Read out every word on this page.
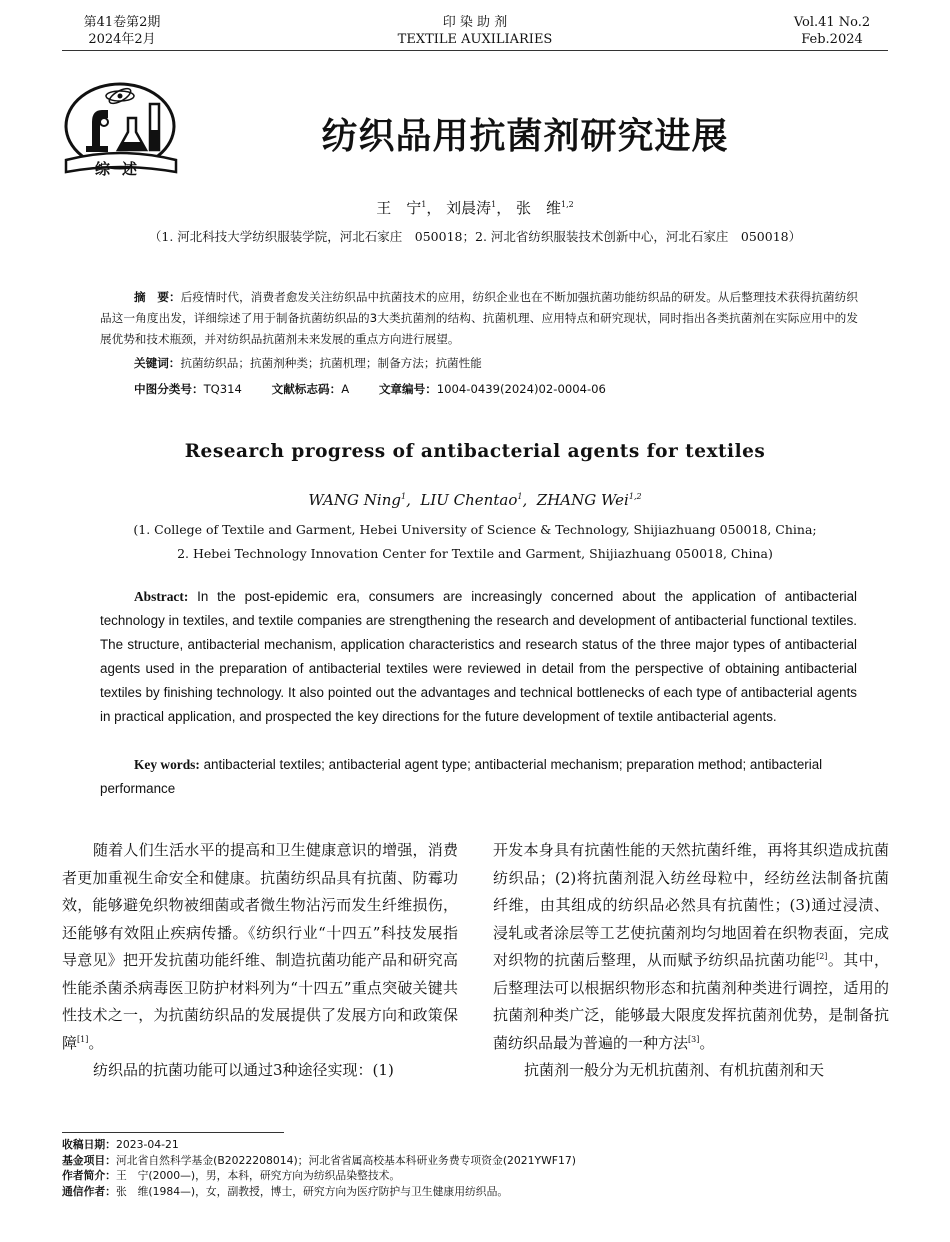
第41卷第2期
2024年2月
印 染 助 剂
TEXTILE AUXILIARIES
Vol.41 No.2
Feb.2024
综述
纺织品用抗菌剂研究进展
王　宁$^1$， 刘晨涛$^1$， 张　维$^{1,2}$
（1. 河北科技大学纺织服装学院，河北石家庄　050018；2. 河北省纺织服装技术创新中心，河北石家庄　050018）
摘　要：后疫情时代，消费者愈发关注纺织品中抗菌技术的应用，纺织企业也在不断加强抗菌功能纺织品的研发。从后整理技术获得抗菌纺织品这一角度出发，详细综述了用于制备抗菌纺织品的3大类抗菌剂的结构、抗菌机理、应用特点和研究现状，同时指出各类抗菌剂在实际应用中的发展优势和技术瓶颈，并对纺织品抗菌剂未来发展的重点方向进行展望。
关键词：抗菌纺织品；抗菌剂种类；抗菌机理；制备方法；抗菌性能
中图分类号：TQ314	文献标志码：A	文章编号：1004-0439(2024)02-0004-06
Research progress of antibacterial agents for textiles
WANG Ning$^1$,  LIU Chentao$^1$,  ZHANG Wei$^{1,2}$
(1. College of Textile and Garment, Hebei University of Science & Technology, Shijiazhuang 050018, China;
2. Hebei Technology Innovation Center for Textile and Garment, Shijiazhuang 050018, China)
Abstract: In the post-epidemic era, consumers are increasingly concerned about the application of antibacterial technology in textiles, and textile companies are strengthening the research and development of antibacterial functional textiles. The structure, antibacterial mechanism, application characteristics and research status of the three major types of antibacterial agents used in the preparation of antibacterial textiles were reviewed in detail from the perspective of obtaining antibacterial textiles by finishing technology. It also pointed out the advantages and technical bottlenecks of each type of antibacterial agents in practical application, and prospected the key directions for the future development of textile antibacterial agents.
Key words: antibacterial textiles; antibacterial agent type; antibacterial mechanism; preparation method; antibacterial performance

随着人们生活水平的提高和卫生健康意识的增强，消费者更加重视生命安全和健康。抗菌纺织品具有抗菌、防霉功效，能够避免织物被细菌或者微生物沾污而发生纤维损伤，还能够有效阻止疾病传播。《纺织行业“十四五”科技发展指导意见》把开发抗菌功能纤维、制造抗菌功能产品和研究高性能杀菌杀病毒医卫防护材料列为“十四五”重点突破关键共性技术之一，为抗菌纺织品的发展提供了发展方向和政策保障[1]。

纺织品的抗菌功能可以通过3种途径实现：(1)

开发本身具有抗菌性能的天然抗菌纤维，再将其织造成抗菌纺织品；(2)将抗菌剂混入纺丝母粒中，经纺丝法制备抗菌纤维，由其组成的纺织品必然具有抗菌性；(3)通过浸渍、浸轧或者涂层等工艺使抗菌剂均匀地固着在织物表面，完成对织物的抗菌后整理，从而赋予纺织品抗菌功能[2]。其中，后整理法可以根据织物形态和抗菌剂种类进行调控，适用的抗菌剂种类广泛，能够最大限度发挥抗菌剂优势，是制备抗菌纺织品最为普遍的一种方法[3]。

抗菌剂一般分为无机抗菌剂、有机抗菌剂和天

收稿日期：2023-04-21
基金项目：河北省自然科学基金(B2022208014)；河北省省属高校基本科研业务费专项资金(2021YWF17)
作者简介：王　宁(2000—)，男，本科，研究方向为纺织品染整技术。
通信作者：张　维(1984—)，女，副教授，博士，研究方向为医疗防护与卫生健康用纺织品。
